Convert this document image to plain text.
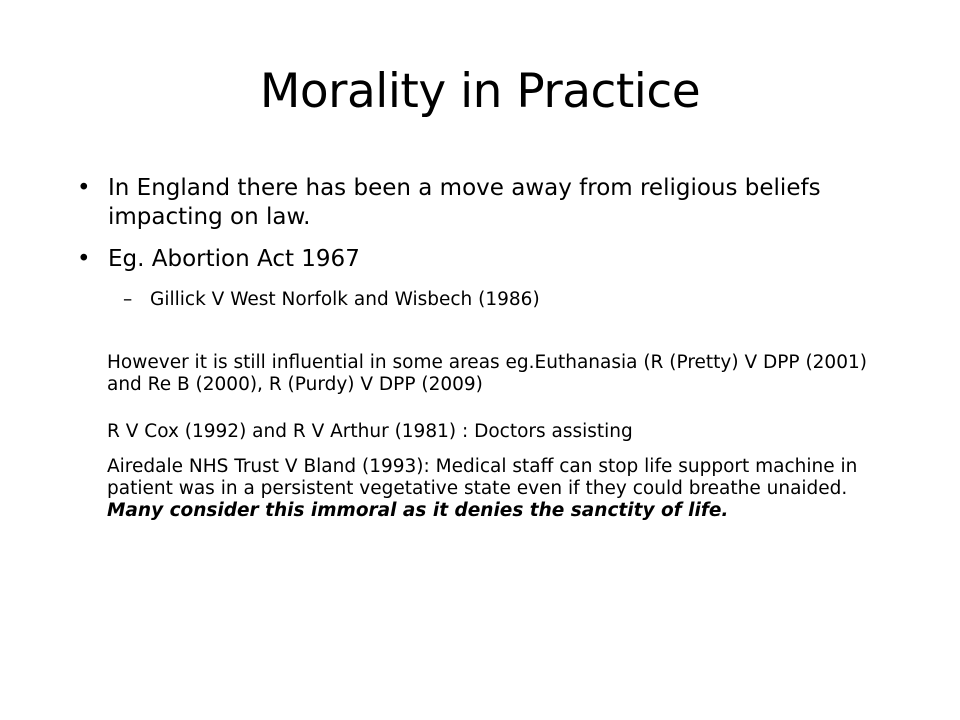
Morality in Practice
• In England there has been a move away from religious beliefs impacting on law.
• Eg. Abortion Act 1967
– Gillick V West Norfolk and Wisbech (1986)
However it is still influential in some areas eg.Euthanasia (R (Pretty) V DPP (2001) and Re B (2000), R (Purdy) V DPP (2009)
R V Cox (1992) and R V Arthur (1981) : Doctors assisting
Airedale NHS Trust V Bland (1993): Medical staff can stop life support machine in patient was in a persistent vegetative state even if they could breathe unaided. Many consider this immoral as it denies the sanctity of life.
